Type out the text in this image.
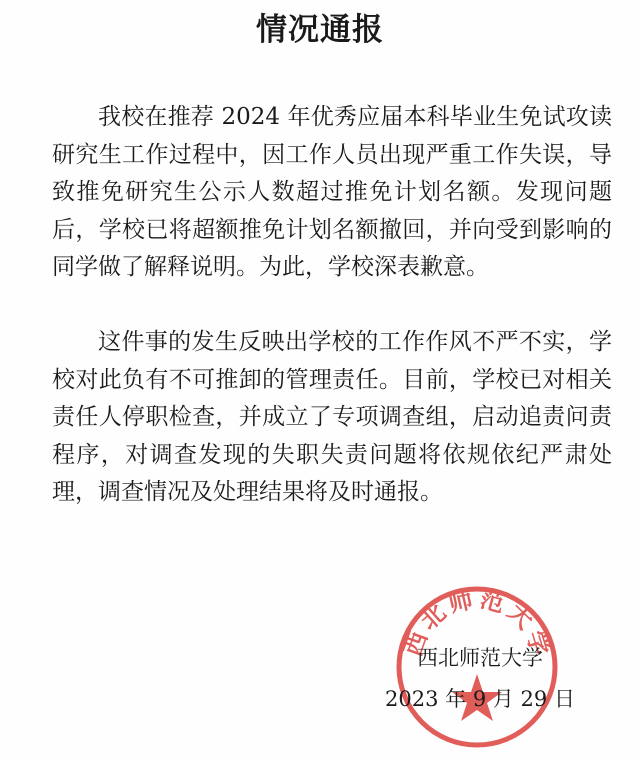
情况通报

我校在推荐 2024 年优秀应届本科毕业生免试攻读研究生工作过程中，因工作人员出现严重工作失误，导致推免研究生公示人数超过推免计划名额。发现问题后，学校已将超额推免计划名额撤回，并向受到影响的同学做了解释说明。为此，学校深表歉意。

这件事的发生反映出学校的工作作风不严不实，学校对此负有不可推卸的管理责任。目前，学校已对相关责任人停职检查，并成立了专项调查组，启动追责问责程序，对调查发现的失职失责问题将依规依纪严肃处理，调查情况及处理结果将及时通报。

西北师范大学

西北师范大学

2023 年 9 月 29 日
